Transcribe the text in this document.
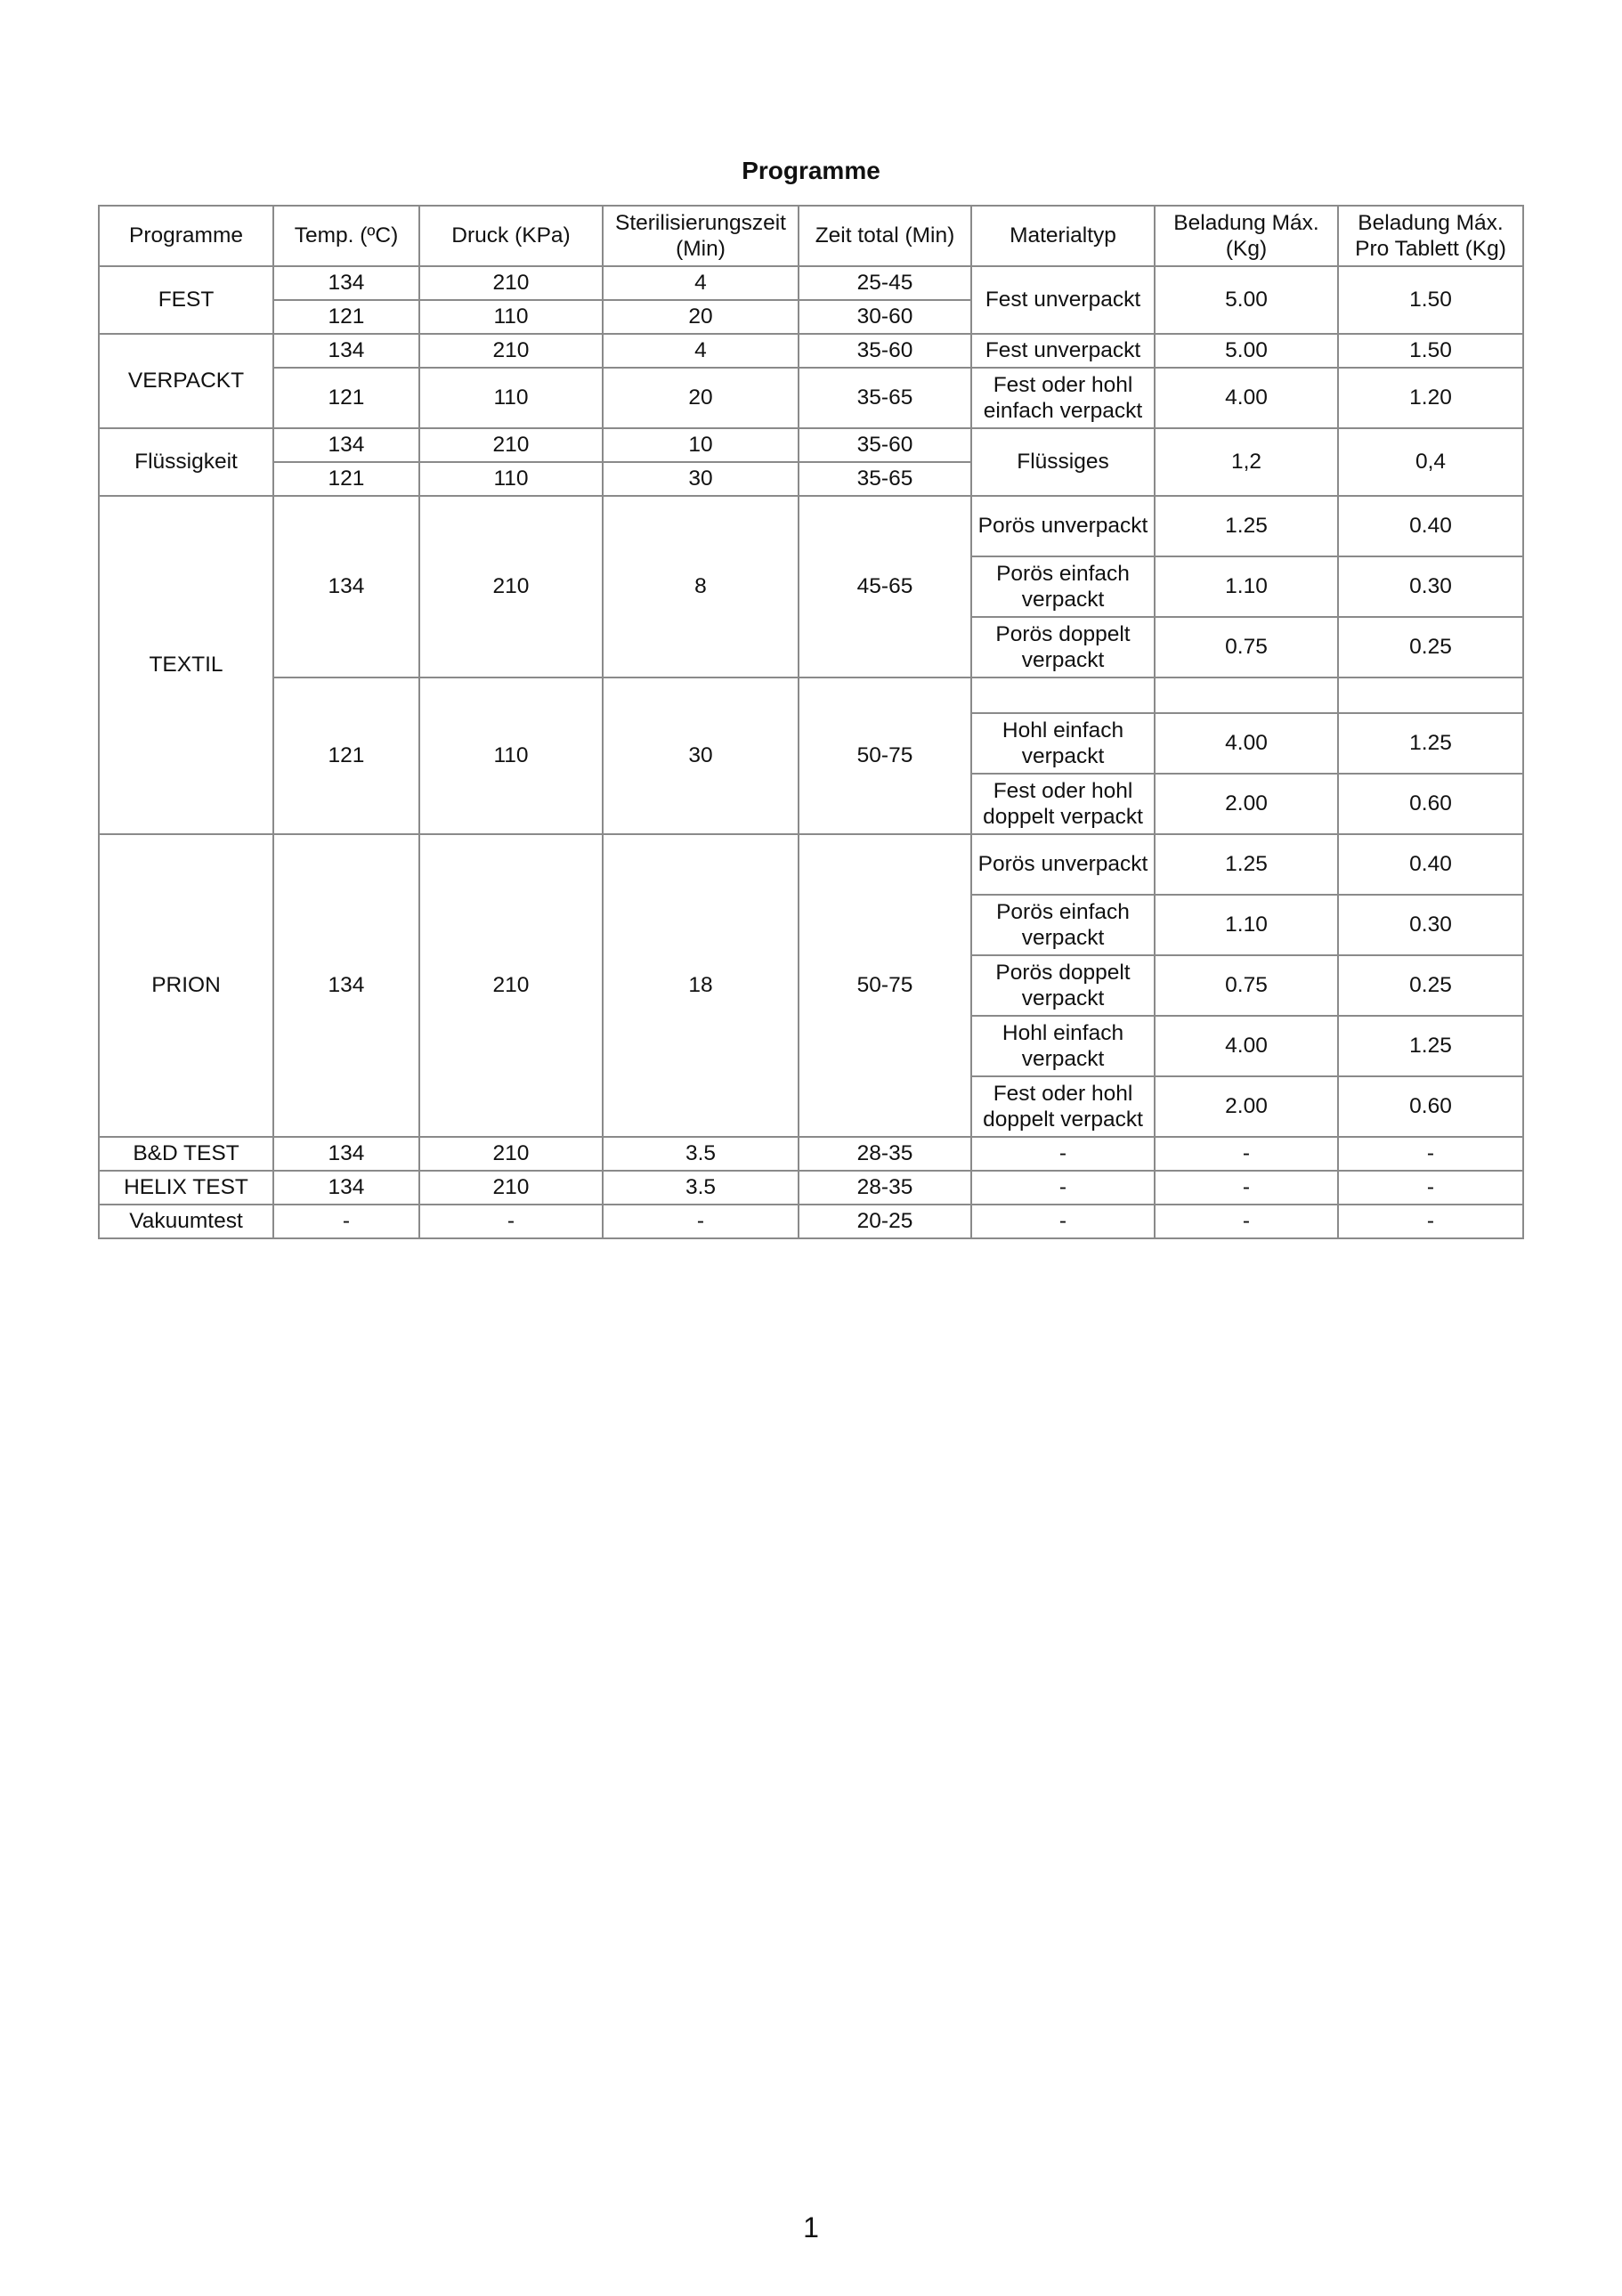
Programme
Programme	Temp. (ºC)	Druck (KPa)	Sterilisierungszeit (Min)	Zeit total (Min)	Materialtyp	Beladung Máx. (Kg)	Beladung Máx. Pro Tablett (Kg)
FEST	134	210	4	25-45	Fest unverpackt	5.00	1.50
	121	110	20	30-60			
VERPACKT	134	210	4	35-60	Fest unverpackt	5.00	1.50
	121	110	20	35-65	Fest oder hohl einfach verpackt	4.00	1.20
Flüssigkeit	134	210	10	35-60	Flüssiges	1,2	0,4
	121	110	30	35-65			
TEXTIL	134	210	8	45-65	Porös unverpackt	1.25	0.40
					Porös einfach verpackt	1.10	0.30
					Porös doppelt verpackt	0.75	0.25
	121	110	30	50-75			
					Hohl einfach verpackt	4.00	1.25
					Fest oder hohl doppelt verpackt	2.00	0.60
PRION	134	210	18	50-75	Porös unverpackt	1.25	0.40
					Porös einfach verpackt	1.10	0.30
					Porös doppelt verpackt	0.75	0.25
					Hohl einfach verpackt	4.00	1.25
					Fest oder hohl doppelt verpackt	2.00	0.60
B&D TEST	134	210	3.5	28-35	-	-	-
HELIX TEST	134	210	3.5	28-35	-	-	-
Vakuumtest	-	-	-	20-25	-	-	-
1
